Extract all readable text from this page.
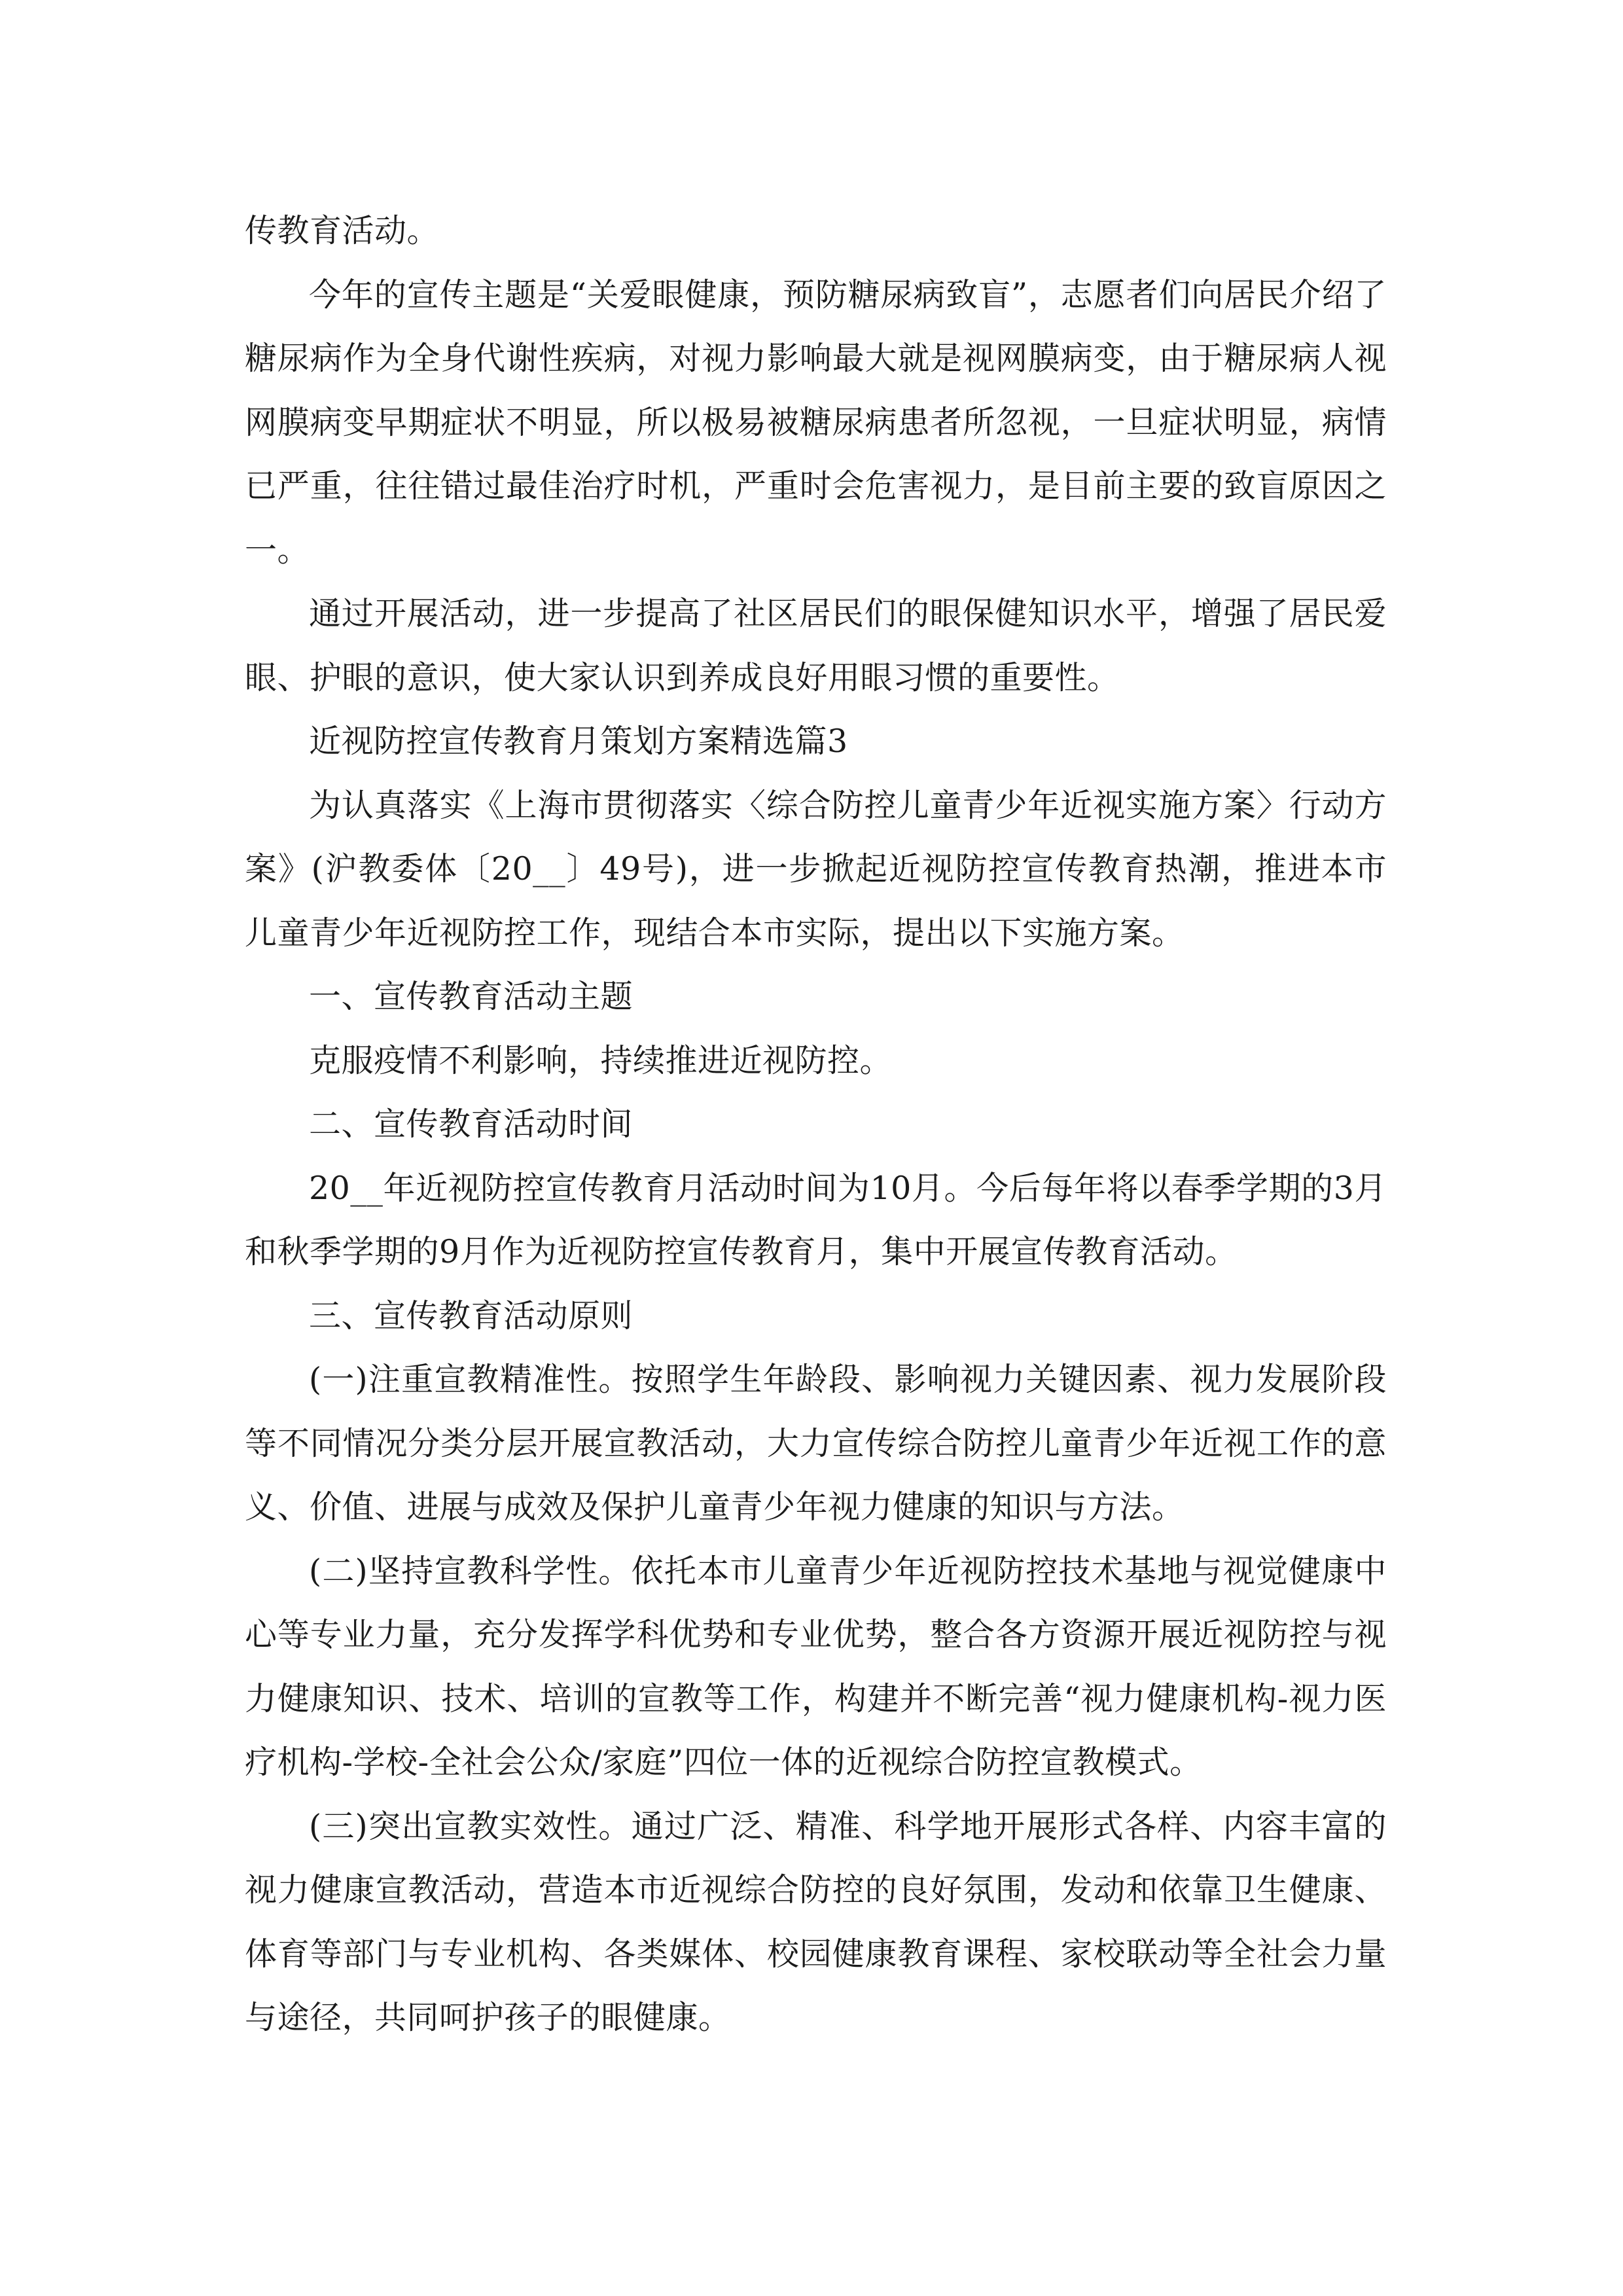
传教育活动。

今年的宣传主题是“关爱眼健康，预防糖尿病致盲”，志愿者们向居民介绍了糖尿病作为全身代谢性疾病，对视力影响最大就是视网膜病变，由于糖尿病人视网膜病变早期症状不明显，所以极易被糖尿病患者所忽视，一旦症状明显，病情已严重，往往错过最佳治疗时机，严重时会危害视力，是目前主要的致盲原因之一。

通过开展活动，进一步提高了社区居民们的眼保健知识水平，增强了居民爱眼、护眼的意识，使大家认识到养成良好用眼习惯的重要性。

近视防控宣传教育月策划方案精选篇3

为认真落实《上海市贯彻落实〈综合防控儿童青少年近视实施方案〉行动方案》(沪教委体〔20__〕49号)，进一步掀起近视防控宣传教育热潮，推进本市儿童青少年近视防控工作，现结合本市实际，提出以下实施方案。

一、宣传教育活动主题

克服疫情不利影响，持续推进近视防控。

二、宣传教育活动时间

20__年近视防控宣传教育月活动时间为10月。今后每年将以春季学期的3月和秋季学期的9月作为近视防控宣传教育月，集中开展宣传教育活动。

三、宣传教育活动原则

(一)注重宣教精准性。按照学生年龄段、影响视力关键因素、视力发展阶段等不同情况分类分层开展宣教活动，大力宣传综合防控儿童青少年近视工作的意义、价值、进展与成效及保护儿童青少年视力健康的知识与方法。

(二)坚持宣教科学性。依托本市儿童青少年近视防控技术基地与视觉健康中心等专业力量，充分发挥学科优势和专业优势，整合各方资源开展近视防控与视力健康知识、技术、培训的宣教等工作，构建并不断完善“视力健康机构-视力医疗机构-学校-全社会公众/家庭”四位一体的近视综合防控宣教模式。

(三)突出宣教实效性。通过广泛、精准、科学地开展形式各样、内容丰富的视力健康宣教活动，营造本市近视综合防控的良好氛围，发动和依靠卫生健康、体育等部门与专业机构、各类媒体、校园健康教育课程、家校联动等全社会力量与途径，共同呵护孩子的眼健康。
